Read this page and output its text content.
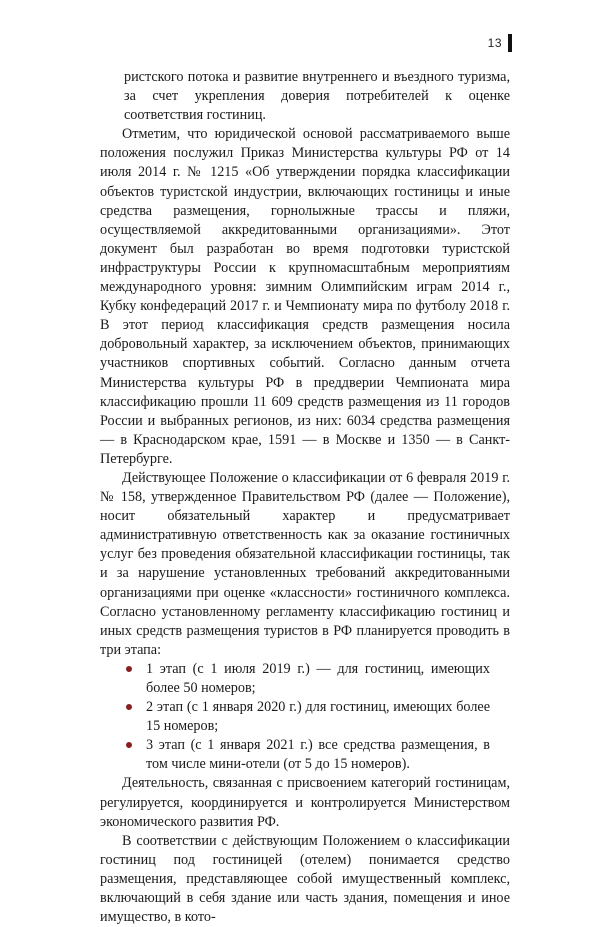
13

ристского потока и развитие внутреннего и въездного туризма, за счет укрепления доверия потребителей к оценке соответствия гостиниц.

Отметим, что юридической основой рассматриваемого выше положения послужил Приказ Министерства культуры РФ от 14 июля 2014 г. № 1215 «Об утверждении порядка классификации объектов туристской индустрии, включающих гостиницы и иные средства размещения, горнолыжные трассы и пляжи, осуществляемой аккредитованными организациями». Этот документ был разработан во время подготовки туристской инфраструктуры России к крупномасштабным мероприятиям международного уровня: зимним Олимпийским играм 2014 г., Кубку конфедераций 2017 г. и Чемпионату мира по футболу 2018 г. В этот период классификация средств размещения носила добровольный характер, за исключением объектов, принимающих участников спортивных событий. Согласно данным отчета Министерства культуры РФ в преддверии Чемпионата мира классификацию прошли 11 609 средств размещения из 11 городов России и выбранных регионов, из них: 6034 средства размещения — в Краснодарском крае, 1591 — в Москве и 1350 — в Санкт-Петербурге.

Действующее Положение о классификации от 6 февраля 2019 г. № 158, утвержденное Правительством РФ (далее — Положение), носит обязательный характер и предусматривает административную ответственность как за оказание гостиничных услуг без проведения обязательной классификации гостиницы, так и за нарушение установленных требований аккредитованными организациями при оценке «классности» гостиничного комплекса. Согласно установленному регламенту классификацию гостиниц и иных средств размещения туристов в РФ планируется проводить в три этапа:

1 этап (с 1 июля 2019 г.) — для гостиниц, имеющих более 50 номеров;
2 этап (с 1 января 2020 г.) для гостиниц, имеющих более 15 номеров;
3 этап (с 1 января 2021 г.) все средства размещения, в том числе мини-отели (от 5 до 15 номеров).

Деятельность, связанная с присвоением категорий гостиницам, регулируется, координируется и контролируется Министерством экономического развития РФ.

В соответствии с действующим Положением о классификации гостиниц под гостиницей (отелем) понимается средство размещения, представляющее собой имущественный комплекс, включающий в себя здание или часть здания, помещения и иное имущество, в кото-
